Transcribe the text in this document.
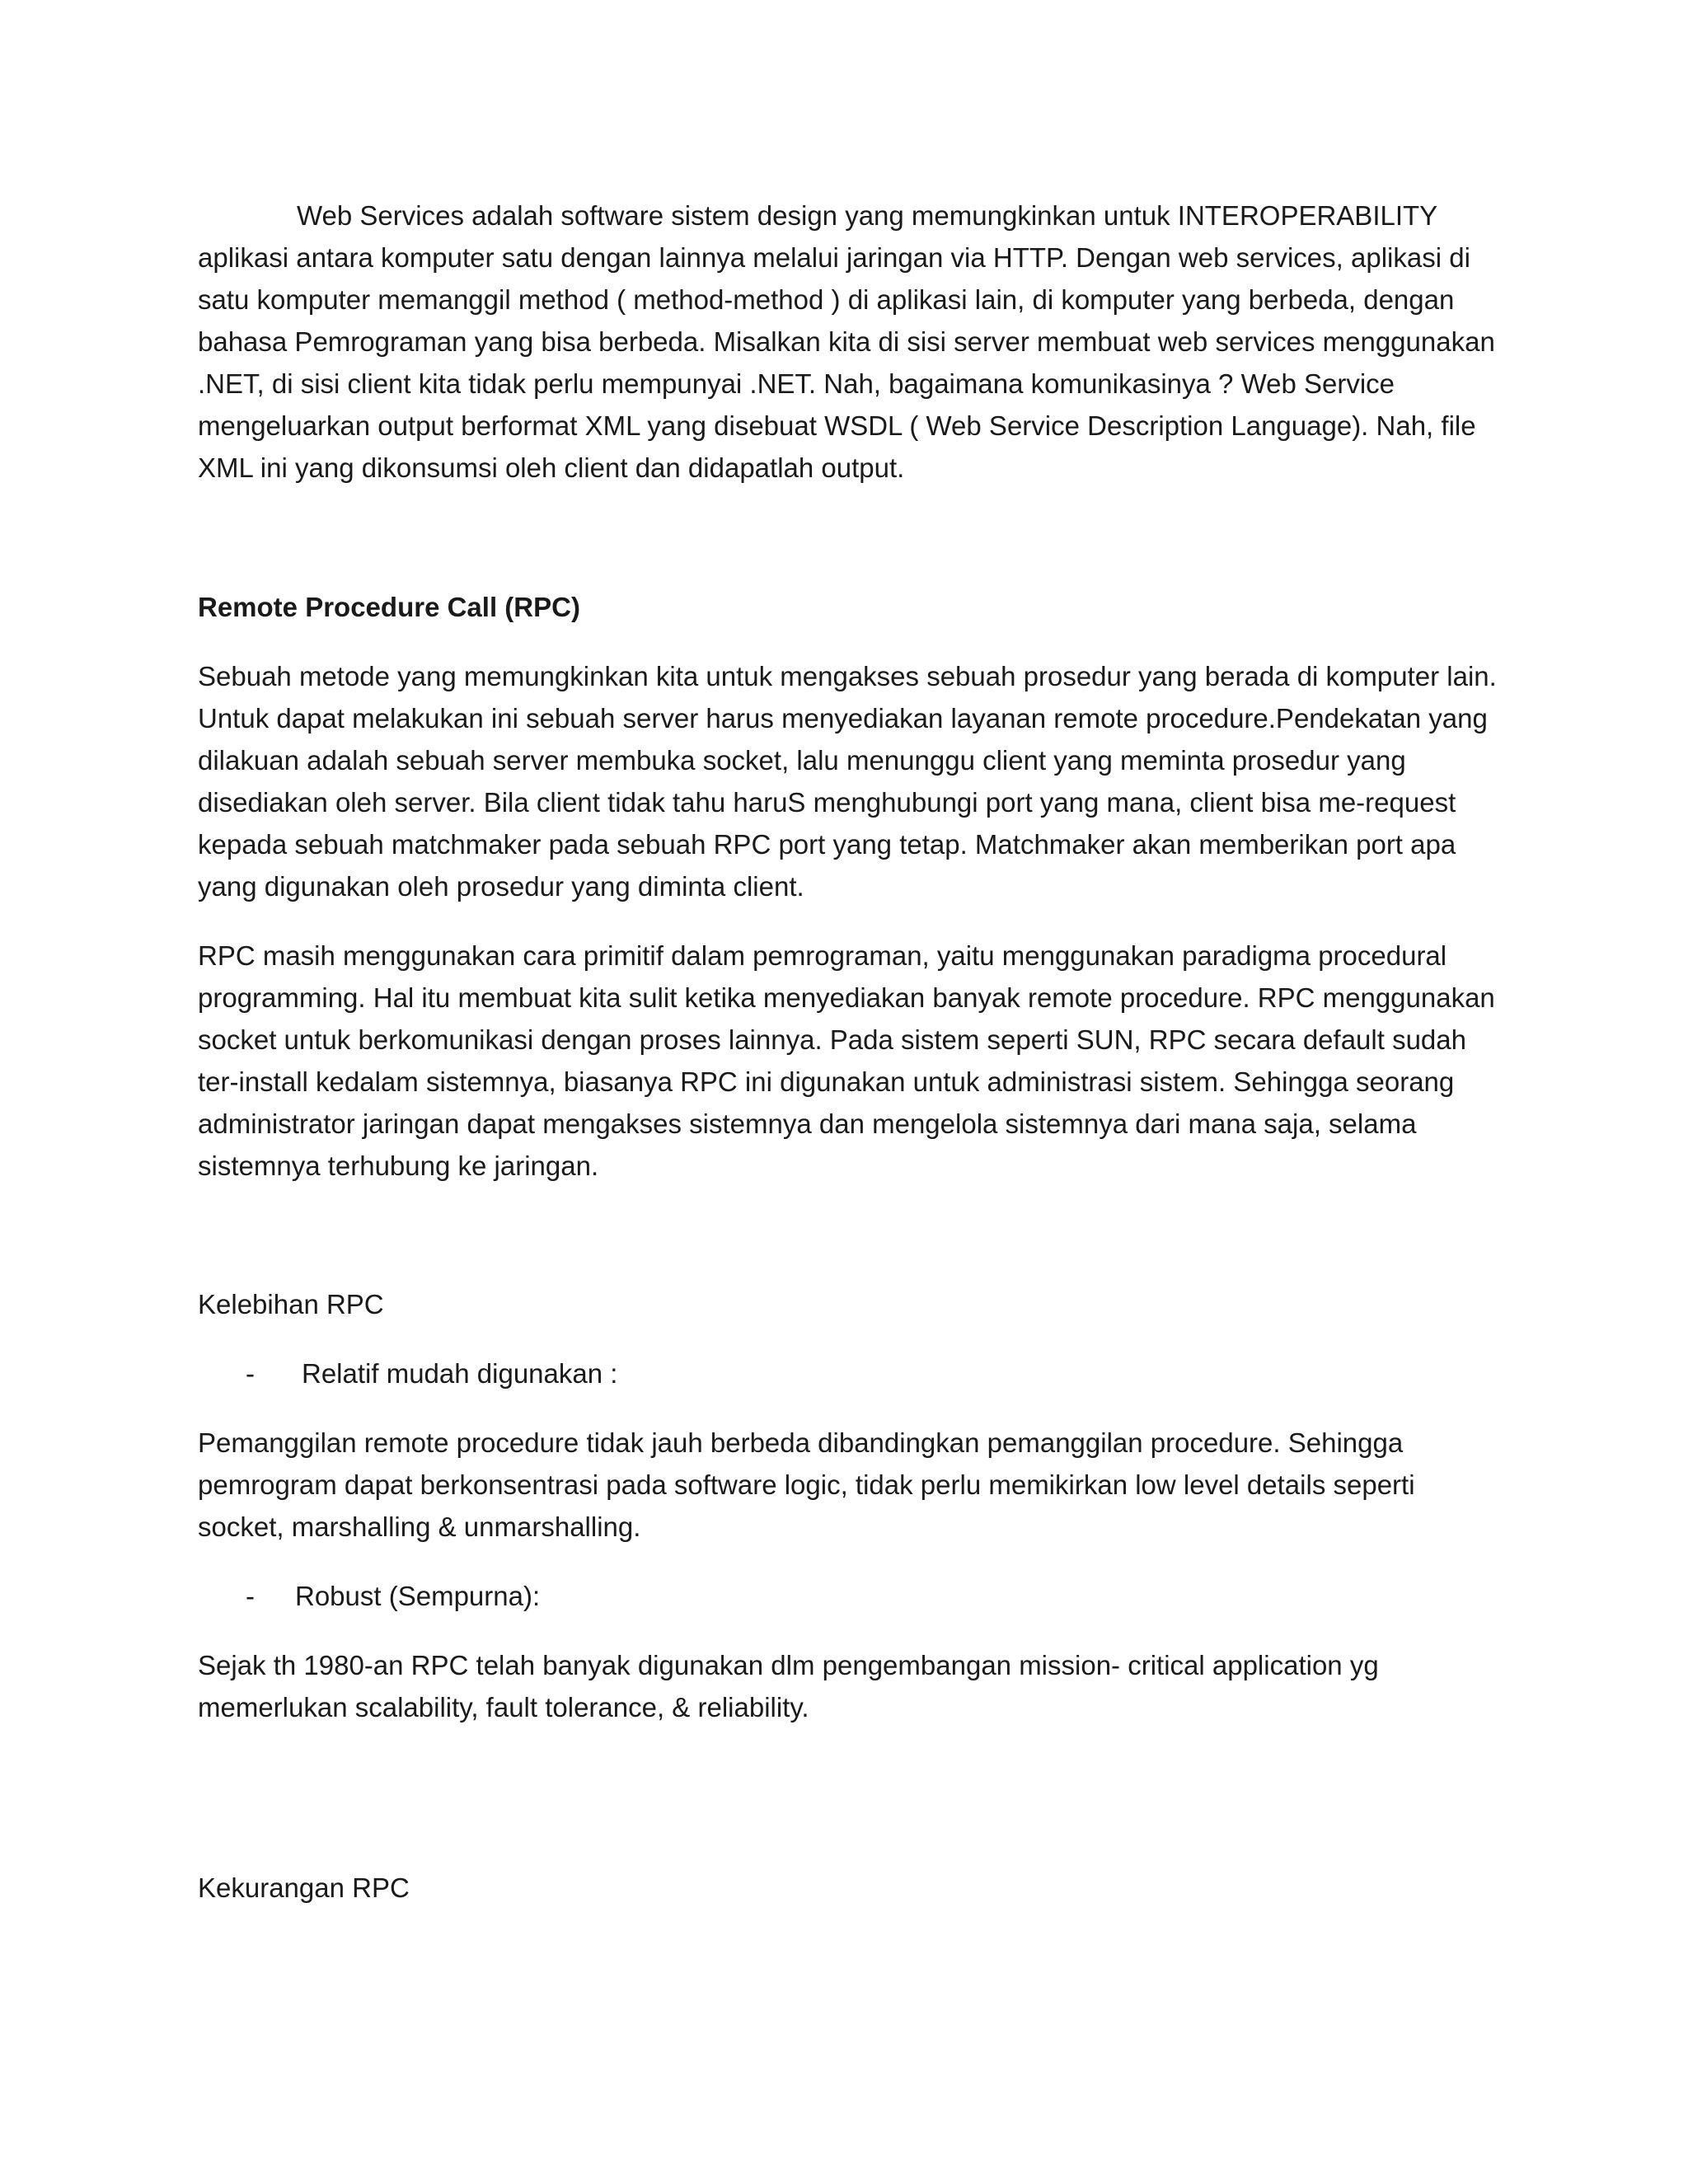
Web Services adalah software sistem design yang memungkinkan untuk INTEROPERABILITY aplikasi antara komputer satu dengan lainnya melalui jaringan via HTTP. Dengan web services, aplikasi di satu komputer memanggil method ( method-method ) di aplikasi lain, di komputer yang berbeda, dengan bahasa Pemrograman yang bisa berbeda. Misalkan kita di sisi server membuat web services menggunakan .NET, di sisi client kita tidak perlu mempunyai .NET. Nah, bagaimana komunikasinya ? Web Service mengeluarkan output berformat XML yang disebuat WSDL ( Web Service Description Language). Nah, file XML ini yang dikonsumsi oleh client dan didapatlah output.

Remote Procedure Call (RPC)

Sebuah metode yang memungkinkan kita untuk mengakses sebuah prosedur yang berada di komputer lain. Untuk dapat melakukan ini sebuah server harus menyediakan layanan remote procedure.Pendekatan yang dilakuan adalah sebuah server membuka socket, lalu menunggu client yang meminta prosedur yang disediakan oleh server. Bila client tidak tahu haruS menghubungi port yang mana, client bisa me-request kepada sebuah matchmaker pada sebuah RPC port yang tetap. Matchmaker akan memberikan port apa yang digunakan oleh prosedur yang diminta client.

RPC masih menggunakan cara primitif dalam pemrograman, yaitu menggunakan paradigma procedural programming. Hal itu membuat kita sulit ketika menyediakan banyak remote procedure. RPC menggunakan socket untuk berkomunikasi dengan proses lainnya. Pada sistem seperti SUN, RPC secara default sudah ter-install kedalam sistemnya, biasanya RPC ini digunakan untuk administrasi sistem. Sehingga seorang administrator jaringan dapat mengakses sistemnya dan mengelola sistemnya dari mana saja, selama sistemnya terhubung ke jaringan.

Kelebihan RPC

- Relatif mudah digunakan :

Pemanggilan remote procedure tidak jauh berbeda dibandingkan pemanggilan procedure. Sehingga pemrogram dapat berkonsentrasi pada software logic, tidak perlu memikirkan low level details seperti socket, marshalling & unmarshalling.

- Robust (Sempurna):

Sejak th 1980-an RPC telah banyak digunakan dlm pengembangan mission- critical application yg memerlukan scalability, fault tolerance, & reliability.

Kekurangan RPC
